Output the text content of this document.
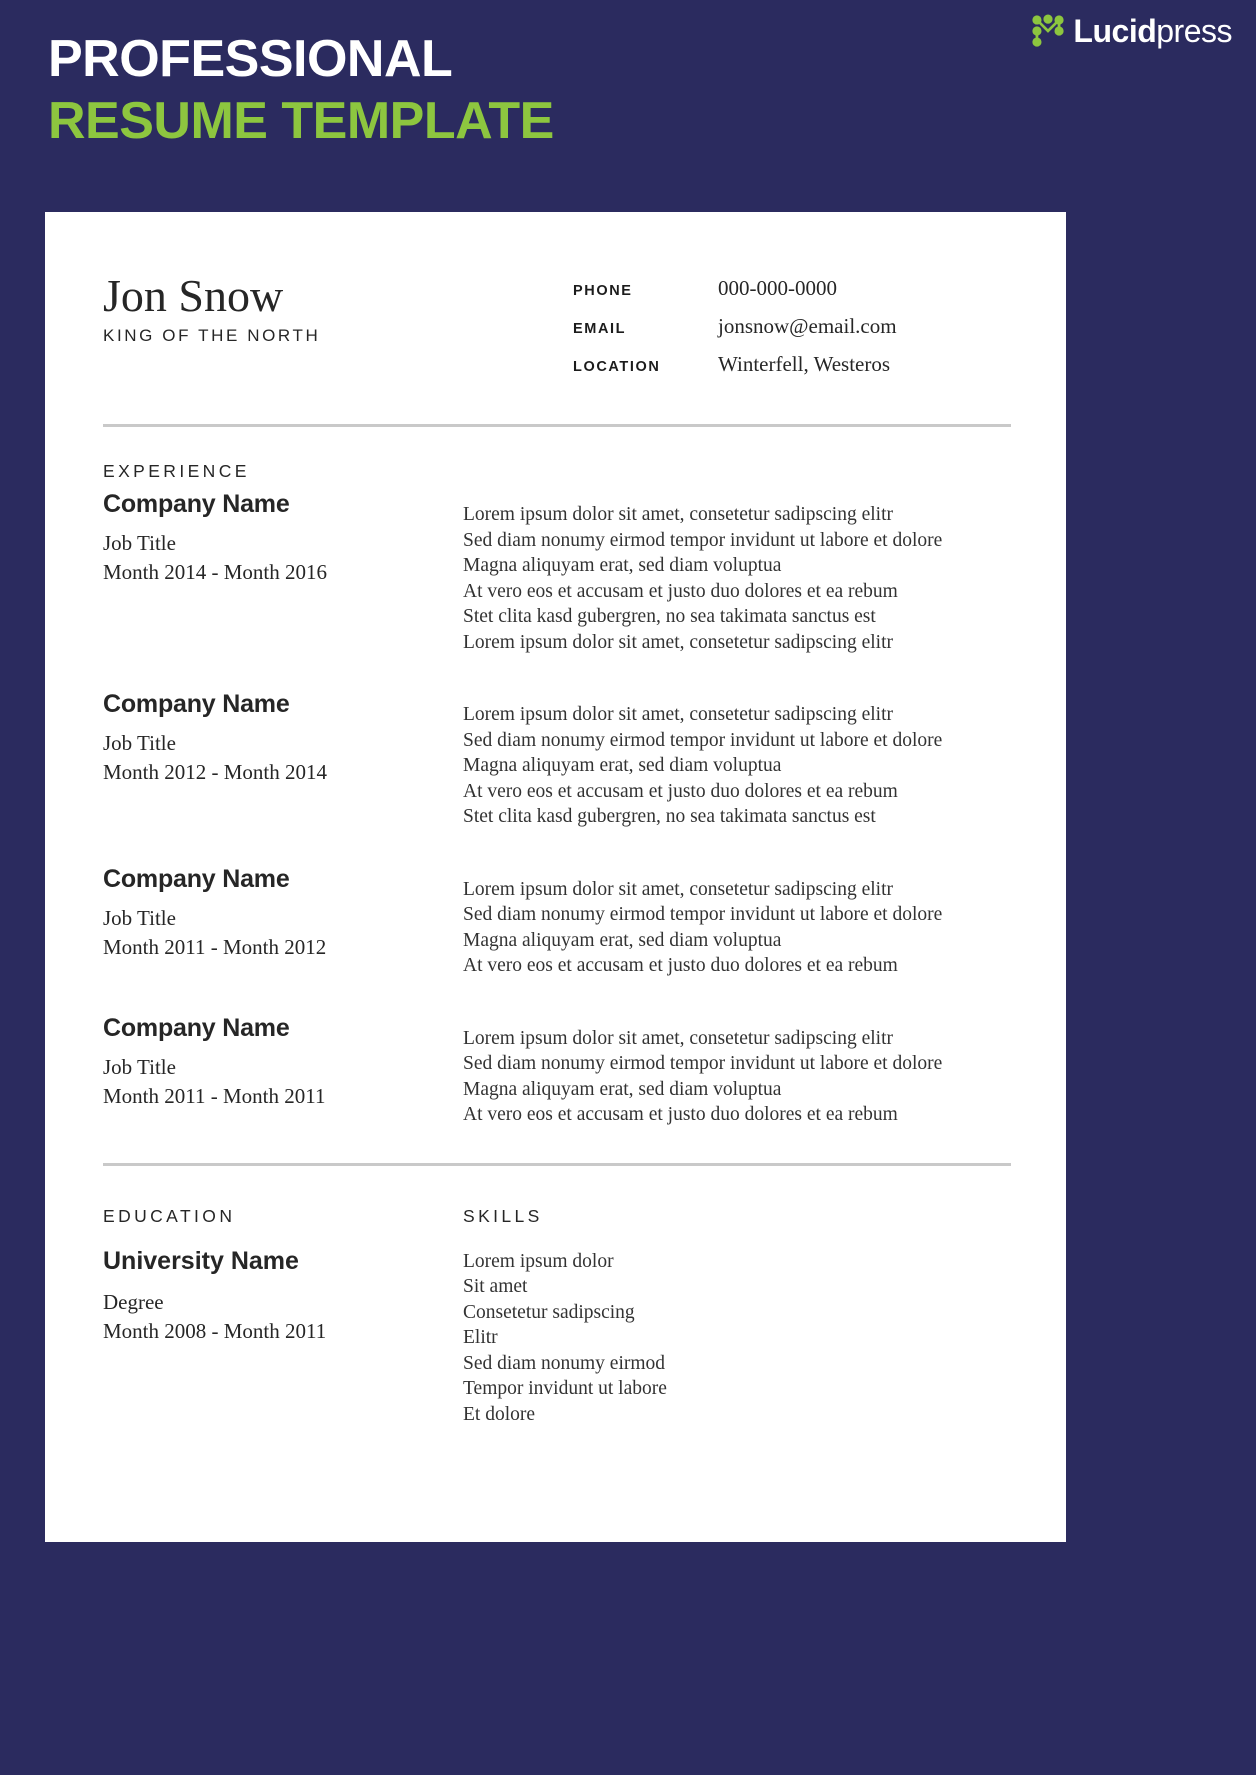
PROFESSIONAL
RESUME TEMPLATE
Lucidpress
Jon Snow
KING OF THE NORTH
PHONE	000-000-0000
EMAIL	jonsnow@email.com
LOCATION	Winterfell, Westeros
EXPERIENCE
Company Name
Job Title
Month 2014 - Month 2016
Lorem ipsum dolor sit amet, consetetur sadipscing elitr
Sed diam nonumy eirmod tempor invidunt ut labore et dolore
Magna aliquyam erat, sed diam voluptua
At vero eos et accusam et justo duo dolores et ea rebum
Stet clita kasd gubergren, no sea takimata sanctus est
Lorem ipsum dolor sit amet, consetetur sadipscing elitr
Company Name
Job Title
Month 2012 - Month 2014
Lorem ipsum dolor sit amet, consetetur sadipscing elitr
Sed diam nonumy eirmod tempor invidunt ut labore et dolore
Magna aliquyam erat, sed diam voluptua
At vero eos et accusam et justo duo dolores et ea rebum
Stet clita kasd gubergren, no sea takimata sanctus est
Company Name
Job Title
Month 2011 - Month 2012
Lorem ipsum dolor sit amet, consetetur sadipscing elitr
Sed diam nonumy eirmod tempor invidunt ut labore et dolore
Magna aliquyam erat, sed diam voluptua
At vero eos et accusam et justo duo dolores et ea rebum
Company Name
Job Title
Month 2011 - Month 2011
Lorem ipsum dolor sit amet, consetetur sadipscing elitr
Sed diam nonumy eirmod tempor invidunt ut labore et dolore
Magna aliquyam erat, sed diam voluptua
At vero eos et accusam et justo duo dolores et ea rebum
EDUCATION
University Name
Degree
Month 2008 - Month 2011
SKILLS
Lorem ipsum dolor
Sit amet
Consetetur sadipscing
Elitr
Sed diam nonumy eirmod
Tempor invidunt ut labore
Et dolore
